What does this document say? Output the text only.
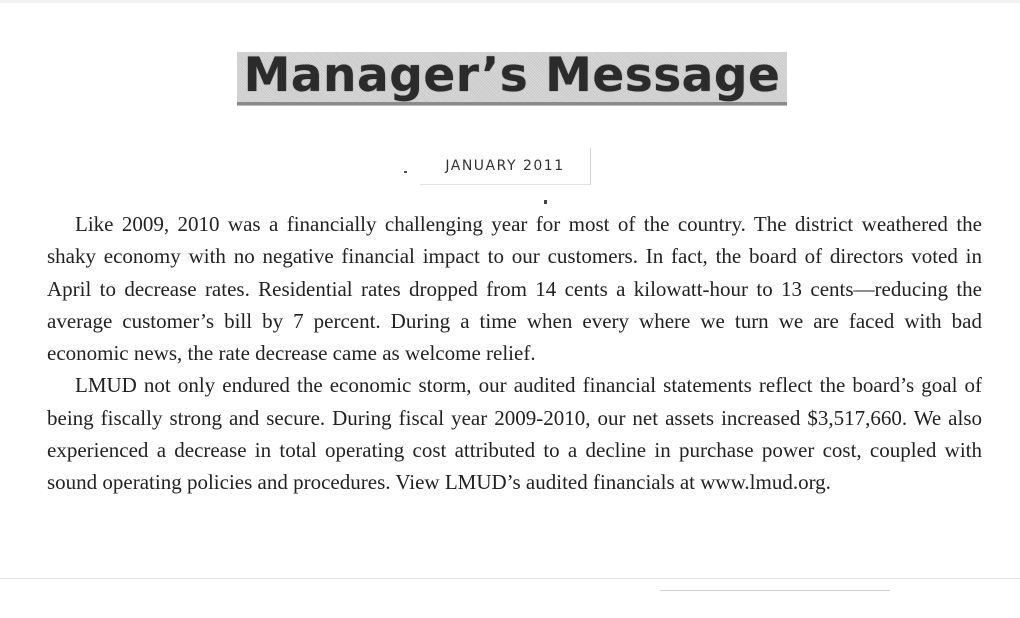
Manager’s Message
JANUARY 2011

Like 2009, 2010 was a financially challenging year for most of the country. The district weathered the shaky economy with no negative financial impact to our customers. In fact, the board of directors voted in April to decrease rates. Residential rates dropped from 14 cents a kilowatt-hour to 13 cents—reducing the average customer’s bill by 7 percent. During a time when every where we turn we are faced with bad economic news, the rate decrease came as welcome relief.

LMUD not only endured the economic storm, our audited financial statements reflect the board’s goal of being fiscally strong and secure. During fiscal year 2009-2010, our net assets increased $3,517,660. We also experienced a decrease in total operating cost attributed to a decline in purchase power cost, coupled with sound operating policies and procedures. View LMUD’s audited financials at www.lmud.org.
